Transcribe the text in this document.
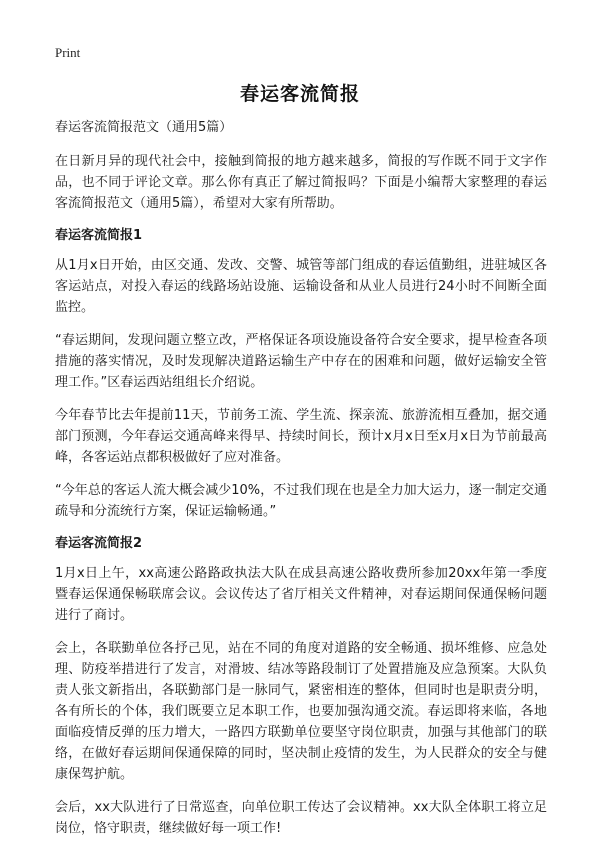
Print
春运客流简报

春运客流简报范文（通用5篇）

在日新月异的现代社会中，接触到简报的地方越来越多，简报的写作既不同于文字作品，也不同于评论文章。那么你有真正了解过简报吗？下面是小编帮大家整理的春运客流简报范文（通用5篇），希望对大家有所帮助。

春运客流简报1

从1月x日开始，由区交通、发改、交警、城管等部门组成的春运值勤组，进驻城区各客运站点，对投入春运的线路场站设施、运输设备和从业人员进行24小时不间断全面监控。

“春运期间，发现问题立整立改，严格保证各项设施设备符合安全要求，提早检查各项措施的落实情况，及时发现解决道路运输生产中存在的困难和问题，做好运输安全管理工作。”区春运西站组组长介绍说。

今年春节比去年提前11天，节前务工流、学生流、探亲流、旅游流相互叠加，据交通部门预测，今年春运交通高峰来得早、持续时间长，预计x月x日至x月x日为节前最高峰，各客运站点都积极做好了应对准备。

“今年总的客运人流大概会减少10%，不过我们现在也是全力加大运力，逐一制定交通疏导和分流统行方案，保证运输畅通。”

春运客流简报2

1月x日上午，xx高速公路路政执法大队在成县高速公路收费所参加20xx年第一季度暨春运保通保畅联席会议。会议传达了省厅相关文件精神，对春运期间保通保畅问题进行了商讨。

会上，各联勤单位各抒己见，站在不同的角度对道路的安全畅通、损坏维修、应急处理、防疫举措进行了发言，对滑坡、结冰等路段制订了处置措施及应急预案。大队负责人张文新指出，各联勤部门是一脉同气，紧密相连的整体，但同时也是职责分明，各有所长的个体，我们既要立足本职工作，也要加强沟通交流。春运即将来临，各地面临疫情反弹的压力增大，一路四方联勤单位要坚守岗位职责，加强与其他部门的联络，在做好春运期间保通保障的同时，坚决制止疫情的发生，为人民群众的安全与健康保驾护航。

会后，xx大队进行了日常巡查，向单位职工传达了会议精神。xx大队全体职工将立足岗位，恪守职责，继续做好每一项工作!
